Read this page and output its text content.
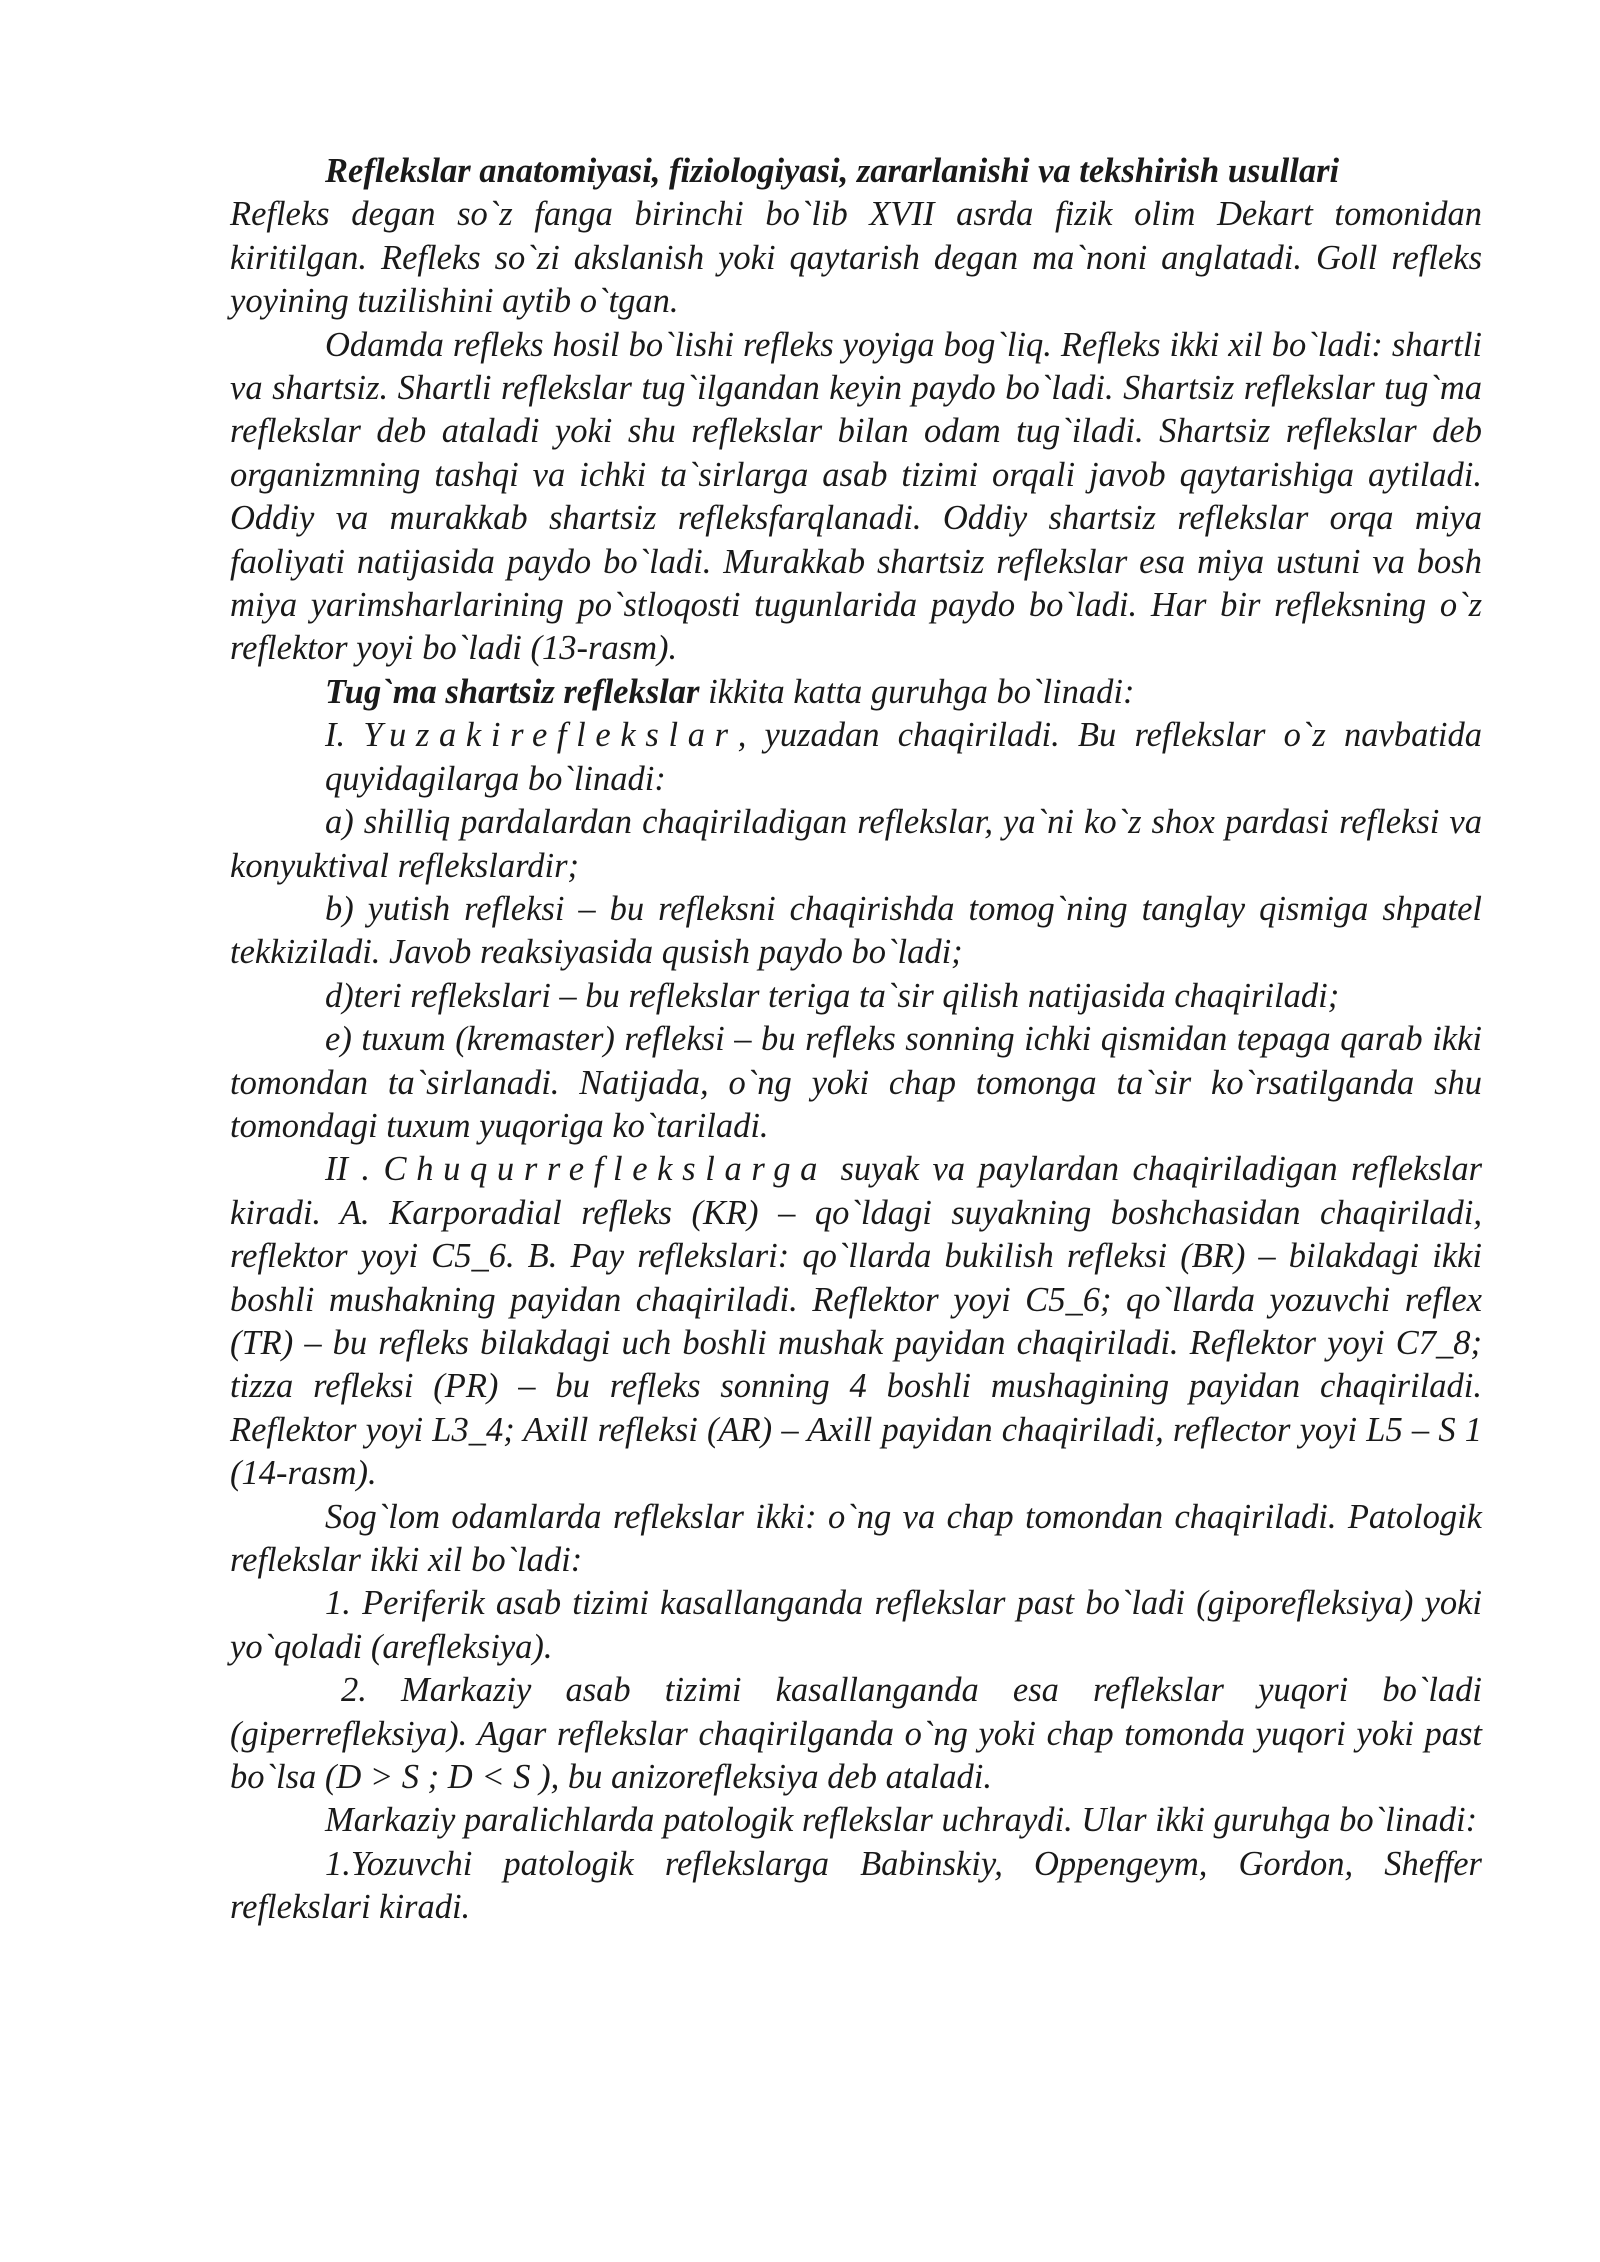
Reflekslar anatomiyasi, fiziologiyasi, zararlanishi va tekshirish usullari

Refleks degan so`z fanga birinchi bo`lib XVII asrda fizik olim Dekart tomonidan kiritilgan. Refleks so`zi akslanish yoki qaytarish degan ma`noni anglatadi. Goll refleks yoyining tuzilishini aytib o`tgan.

Odamda refleks hosil bo`lishi refleks yoyiga bog`liq. Refleks ikki xil bo`ladi: shartli va shartsiz. Shartli reflekslar tug`ilgandan keyin paydo bo`ladi. Shartsiz reflekslar tug`ma reflekslar deb ataladi yoki shu reflekslar bilan odam tug`iladi. Shartsiz reflekslar deb organizmning tashqi va ichki ta`sirlarga asab tizimi orqali javob qaytarishiga aytiladi. Oddiy va murakkab shartsiz refleksfarqlanadi. Oddiy shartsiz reflekslar orqa miya faoliyati natijasida paydo bo`ladi. Murakkab shartsiz reflekslar esa miya ustuni va bosh miya yarimsharlarining po`stloqosti tugunlarida paydo bo`ladi. Har bir refleksning o`z reflektor yoyi bo`ladi (13-rasm).

Tug`ma shartsiz reflekslar ikkita katta guruhga bo`linadi:

I. Yuzakireflekslar, yuzadan chaqiriladi. Bu reflekslar o`z navbatida quyidagilarga bo`linadi:

a) shilliq pardalardan chaqiriladigan reflekslar, ya`ni ko`z shox pardasi refleksi va konyuktival reflekslardir;

b) yutish refleksi – bu refleksni chaqirishda tomog`ning tanglay qismiga shpatel tekkiziladi. Javob reaksiyasida qusish paydo bo`ladi;

d)teri reflekslari – bu reflekslar teriga ta`sir qilish natijasida chaqiriladi;

e) tuxum (kremaster) refleksi – bu refleks sonning ichki qismidan tepaga qarab ikki tomondan ta`sirlanadi. Natijada, o`ng yoki chap tomonga ta`sir ko`rsatilganda shu tomondagi tuxum yuqoriga ko`tariladi.

II . Chuqurreflekslarga suyak va paylardan chaqiriladigan reflekslar kiradi. A. Karporadial refleks (KR) – qo`ldagi suyakning boshchasidan chaqiriladi, reflektor yoyi C5_6. B. Pay reflekslari: qo`llarda bukilish refleksi (BR) – bilakdagi ikki boshli mushakning payidan chaqiriladi. Reflektor yoyi C5_6; qo`llarda yozuvchi reflex (TR) – bu refleks bilakdagi uch boshli mushak payidan chaqiriladi. Reflektor yoyi C7_8; tizza refleksi (PR) – bu refleks sonning 4 boshli mushagining payidan chaqiriladi. Reflektor yoyi L3_4; Axill refleksi (AR) – Axill payidan chaqiriladi, reflector yoyi L5 – S 1 (14-rasm).

Sog`lom odamlarda reflekslar ikki: o`ng va chap tomondan chaqiriladi. Patologik reflekslar ikki xil bo`ladi:

1. Periferik asab tizimi kasallanganda reflekslar past bo`ladi (giporefleksiya) yoki yo`qoladi (arefleksiya).

2. Markaziy asab tizimi kasallanganda esa reflekslar yuqori bo`ladi (giperrefleksiya). Agar reflekslar chaqirilganda o`ng yoki chap tomonda yuqori yoki past bo`lsa (D > S ; D < S ), bu anizorefleksiya deb ataladi.

Markaziy paralichlarda patologik reflekslar uchraydi. Ular ikki guruhga bo`linadi:

1.Yozuvchi patologik reflekslarga Babinskiy, Oppengeym, Gordon, Sheffer reflekslari kiradi.
